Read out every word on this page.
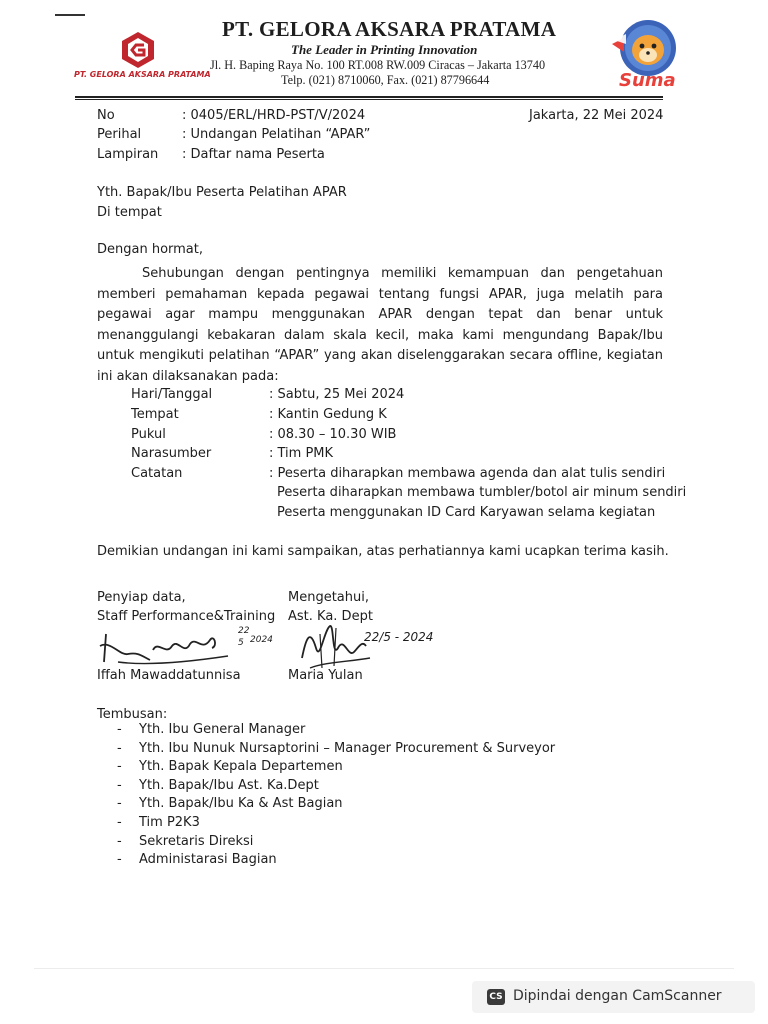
PT. GELORA AKSARA PRATAMA
PT. GELORA AKSARA PRATAMA
The Leader in Printing Innovation
Jl. H. Baping Raya No. 100 RT.008 RW.009 Ciracas – Jakarta 13740
Telp. (021) 8710060, Fax. (021) 87796644	Suma
No	: 0405/ERL/HRD-PST/V/2024	Jakarta, 22 Mei 2024
Perihal	: Undangan Pelatihan “APAR”
Lampiran : Daftar nama Peserta
Yth. Bapak/Ibu Peserta Pelatihan APAR
Di tempat
Dengan hormat,

Sehubungan dengan pentingnya memiliki kemampuan dan pengetahuan memberi pemahaman kepada pegawai tentang fungsi APAR, juga melatih para pegawai agar mampu menggunakan APAR dengan tepat dan benar untuk menanggulangi kebakaran dalam skala kecil, maka kami mengundang Bapak/Ibu untuk mengikuti pelatihan “APAR” yang akan diselenggarakan secara offline, kegiatan ini akan dilaksanakan pada:

Hari/Tanggal	: Sabtu, 25 Mei 2024
Tempat	: Kantin Gedung K
Pukul	: 08.30 – 10.30 WIB
Narasumber	: Tim PMK
Catatan	: Peserta diharapkan membawa agenda dan alat tulis sendiri
Peserta diharapkan membawa tumbler/botol air minum sendiri
Peserta menggunakan ID Card Karyawan selama kegiatan
Demikian undangan ini kami sampaikan, atas perhatiannya kami ucapkan terima kasih.
Penyiap data,
Staff Performance&Training
Mengetahui,
Ast. Ka. Dept
22
5 2024	22/5 - 2024
Iffah Mawaddatunnisa	Maria Yulan
Tembusan:
- Yth. Ibu General Manager
- Yth. Ibu Nunuk Nursaptorini – Manager Procurement & Surveyor
- Yth. Bapak Kepala Departemen
- Yth. Bapak/Ibu Ast. Ka.Dept
- Yth. Bapak/Ibu Ka & Ast Bagian
- Tim P2K3
- Sekretaris Direksi
- Administarasi Bagian
CS Dipindai dengan CamScanner
